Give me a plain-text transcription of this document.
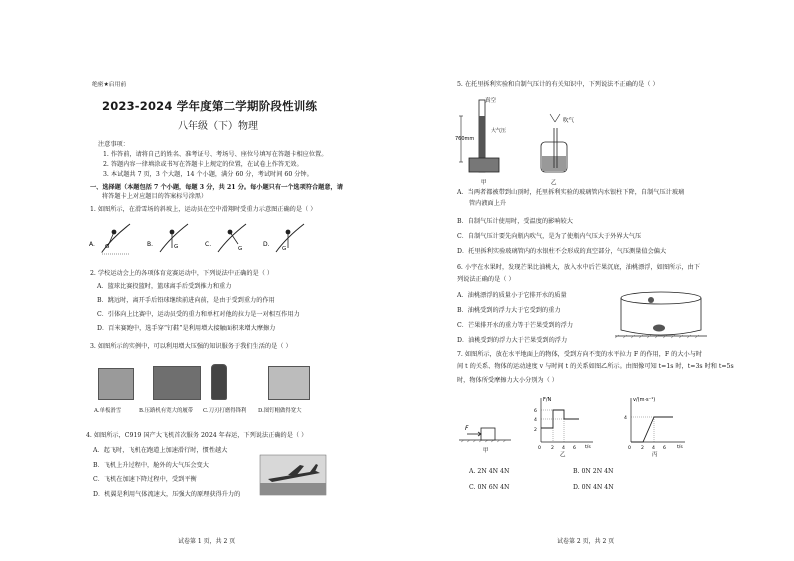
绝密★启用前
2023-2024 学年度第二学期阶段性训练
八年级（下）物理
注意事项：
1. 作答前，请将自己的姓名、准考证号、考场号、座位号填写在答题卡相应位置。
2. 答题内容一律填涂或书写在答题卡上规定的位置，在试卷上作答无效。
3. 本试题共 7 页，3 个大题，14 个小题，满分 60 分，考试时间 60 分钟。
一、选择题（本题包括 7 个小题，每题 3 分，共 21 分。每小题只有一个选项符合题意，请
将答题卡上对应题目的答案标号涂黑）
1. 如图所示，在滑雪场的斜坡上，运动员在空中滑翔时受重力示意图正确的是（ ）
A. G	B.	G	C.
G
D.
G
2. 学校运动会上的各项体育竞赛运动中，下列说法中正确的是（ ）
A．篮球比赛投篮时，篮球离手后受到推力和重力
B．跳远时，离开手后铅球继续前进向前，是由于受到重力的作用
C．引体向上比赛中，运动员受的重力和单杠对他的拉力是一对相互作用力
D．百米赛跑中，选手穿“钉鞋”是利用增大接触面积来增大摩擦力
3. 如图所示的实例中，可以利用增大压强的知识服务于我们生活的是（ ）
A.单板滑雪	B.压路机有宽大的履带 C.刀刃打磨得锋利 D.图钉帽做得宽大
4. 如图所示，C919 国产大飞机首次服务 2024 年春运，下列说法正确的是（ ）
A．起飞时，飞机在跑道上加速滑行时，惯性越大
B．飞机上升过程中，舱外的大气压会变大
C．飞机在加速下降过程中，受到平衡
D．机翼是利用气体流速大，压强大的原理获得升力的
试卷第 1 页，共 2 页
5. 在托里拆利实验和自制气压计的有关知识中，下列说法不正确的是（ ）
真空
760mm
大气压
甲
吹气
乙
A．当两者都被带到山顶时，托里拆利实验的玻璃管内水银柱下降，自制气压计玻璃
管内液面上升
B．自制气压计使用时，受温度的影响较大
C．自制气压计要先向瓶内吹气，是为了使瓶内气压大于外界大气压
D．托里拆利实验玻璃管内的水银柱不会形成的真空部分，气压测量值会偏大
6. 小宇在水果时，发现芒果比油桃大，放入水中后芒果沉底，油桃漂浮，如图所示，由下
列说法正确的是（ ）
A．油桃漂浮的质量小于它排开水的质量
B．油桃受到的浮力大于它受到的重力
C．芒果排开水的重力等于芒果受到的浮力
D．油桃受到的浮力大于芒果受到的浮力
7. 如图所示，放在水平地面上的物体，受到方向不变的水平拉力 F 的作用，F 的大小与时
间 t 的关系、物体的运动速度 v 与时间 t 的关系如图乙所示。由图像可知 t=1s 时，t=3s 时和 t=5s
时，物体所受摩擦力大小分别为（ ）
F
甲
F/N
t/s
6
4
2
0 2 4 6
乙
v/(m·s⁻¹)
t/s
4
0 2 4 6
丙
A. 2N 4N 4N	B. 0N 2N 4N
C. 0N 6N 4N	D. 0N 4N 4N
试卷第 2 页，共 2 页
